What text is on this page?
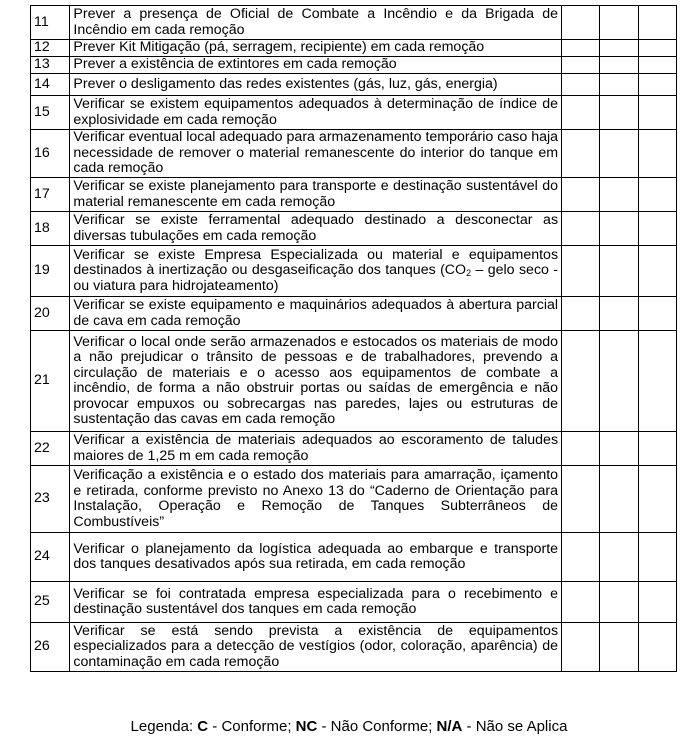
11	Prever a presença de Oficial de Combate a Incêndio e da Brigada de Incêndio em cada remoção			
12	Prever Kit Mitigação (pá, serragem, recipiente) em cada remoção			
13	Prever a existência de extintores em cada remoção			
14	Prever o desligamento das redes existentes (gás, luz, gás, energia)			
15	Verificar se existem equipamentos adequados à determinação de índice de explosividade em cada remoção			
16	Verificar eventual local adequado para armazenamento temporário caso haja necessidade de remover o material remanescente do interior do tanque em cada remoção			
17	Verificar se existe planejamento para transporte e destinação sustentável do material remanescente em cada remoção			
18	Verificar se existe ferramental adequado destinado a desconectar as diversas tubulações em cada remoção			
19	Verificar se existe Empresa Especializada ou material e equipamentos destinados à inertização ou desgaseificação dos tanques ($CO_2$ – gelo seco - ou viatura para hidrojateamento)			
20	Verificar se existe equipamento e maquinários adequados à abertura parcial de cava em cada remoção			
21	Verificar o local onde serão armazenados e estocados os materiais de modo a não prejudicar o trânsito de pessoas e de trabalhadores, prevendo a circulação de materiais e o acesso aos equipamentos de combate a incêndio, de forma a não obstruir portas ou saídas de emergência e não provocar empuxos ou sobrecargas nas paredes, lajes ou estruturas de sustentação das cavas em cada remoção			
22	Verificar a existência de materiais adequados ao escoramento de taludes maiores de 1,25 m em cada remoção			
23	Verificação a existência e o estado dos materiais para amarração, içamento e retirada, conforme previsto no Anexo 13 do “Caderno de Orientação para Instalação, Operação e Remoção de Tanques Subterrâneos de Combustíveis”			
24	Verificar o planejamento da logística adequada ao embarque e transporte dos tanques desativados após sua retirada, em cada remoção			
25	Verificar se foi contratada empresa especializada para o recebimento e destinação sustentável dos tanques em cada remoção			
26	Verificar se está sendo prevista a existência de equipamentos especializados para a detecção de vestígios (odor, coloração, aparência) de contaminação em cada remoção			
Legenda: C - Conforme; NC - Não Conforme; N/A - Não se Aplica
